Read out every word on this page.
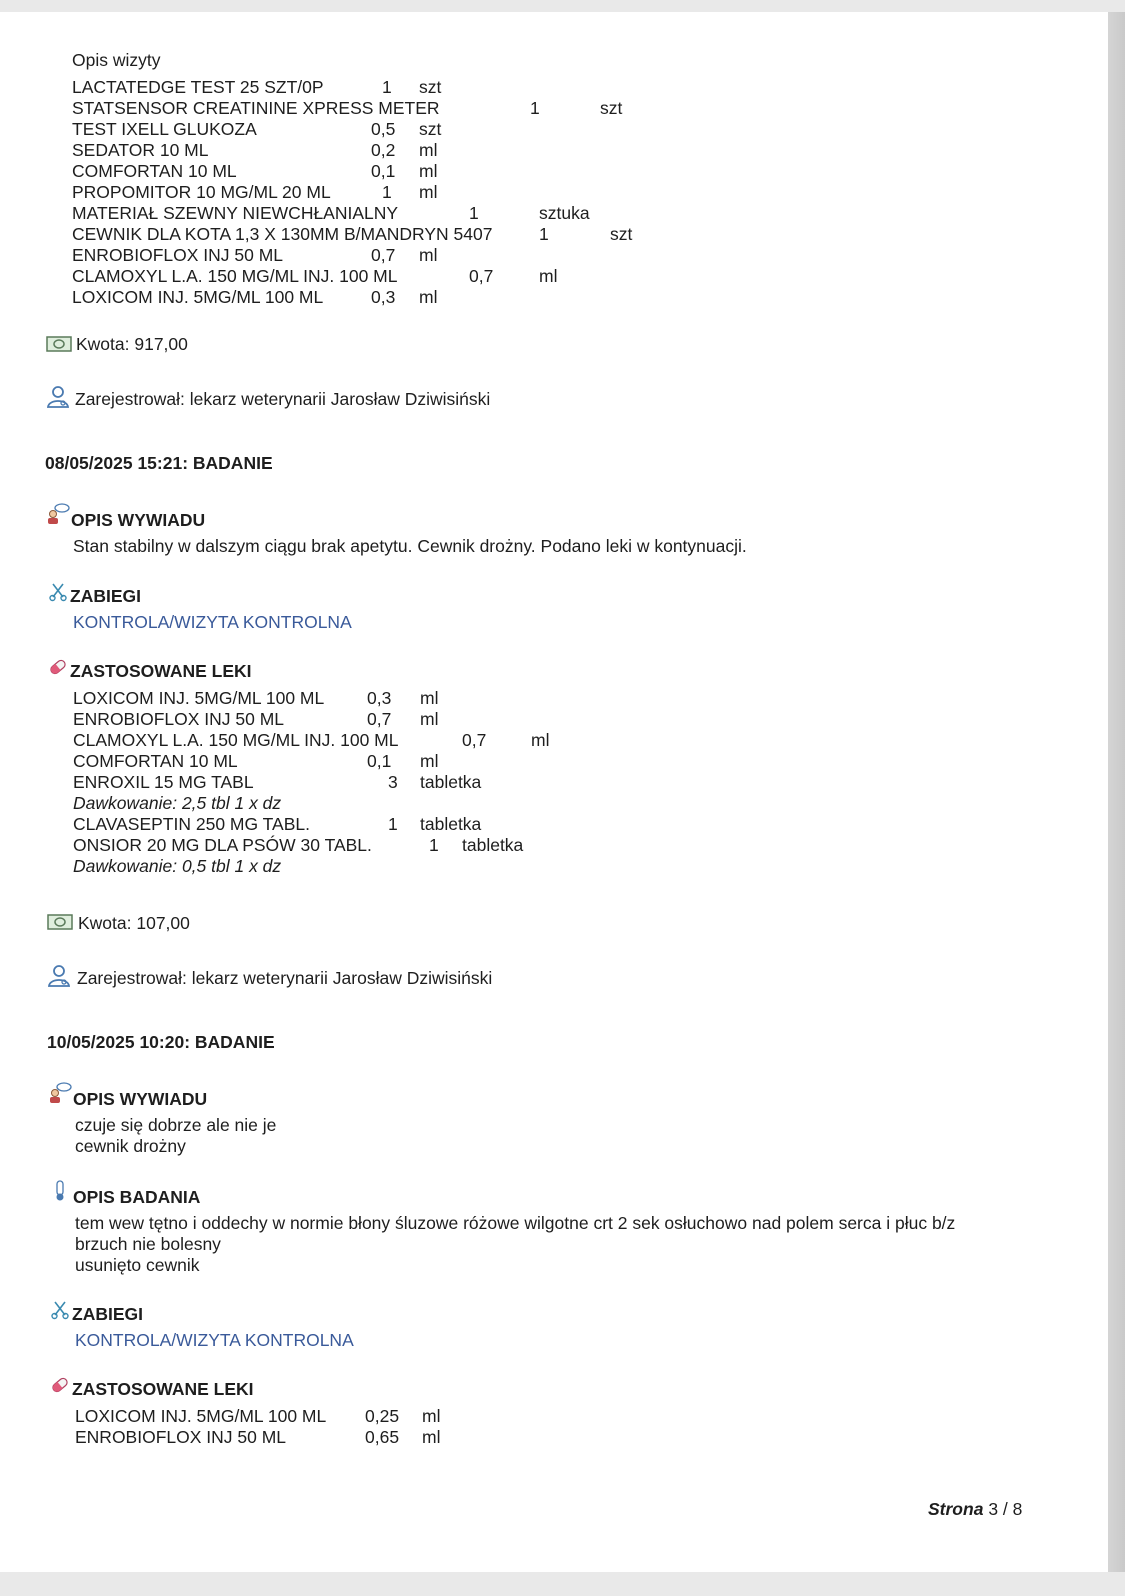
Opis wizyty
LACTATEDGE TEST 25 SZT/0P	1 szt
STATSENSOR CREATININE XPRESS METER	1	szt
TEST IXELL GLUKOZA	0,5 szt
SEDATOR 10 ML	0,2 ml
COMFORTAN 10 ML	0,1 ml
PROPOMITOR 10 MG/ML 20 ML	1 ml
MATERIAŁ SZEWNY NIEWCHŁANIALNY	1	sztuka
CEWNIK DLA KOTA 1,3 X 130MM B/MANDRYN 5407	1	szt
ENROBIOFLOX INJ 50 ML	0,7 ml
CLAMOXYL L.A. 150 MG/ML INJ. 100 ML	0,7	ml
LOXICOM INJ. 5MG/ML 100 ML	0,3 ml
Kwota: 917,00
Zarejestrował: lekarz weterynarii Jarosław Dziwisiński
08/05/2025 15:21: BADANIE
OPIS WYWIADU
Stan stabilny w dalszym ciągu brak apetytu. Cewnik drożny. Podano leki w kontynuacji.
ZABIEGI
KONTROLA/WIZYTA KONTROLNA
ZASTOSOWANE LEKI
LOXICOM INJ. 5MG/ML 100 ML 0,3 ml
ENROBIOFLOX INJ 50 ML	0,7 ml
CLAMOXYL L.A. 150 MG/ML INJ. 100 ML	0,7	ml
COMFORTAN 10 ML	0,1 ml
ENROXIL 15 MG TABL	3 tabletka
Dawkowanie: 2,5 tbl 1 x dz
CLAVASEPTIN 250 MG TABL.	1 tabletka
ONSIOR 20 MG DLA PSÓW 30 TABL.	1 tabletka
Dawkowanie: 0,5 tbl 1 x dz
Kwota: 107,00
Zarejestrował: lekarz weterynarii Jarosław Dziwisiński
10/05/2025 10:20: BADANIE
OPIS WYWIADU
czuje się dobrze ale nie je
cewnik drożny
OPIS BADANIA
tem wew tętno i oddechy w normie błony śluzowe różowe wilgotne crt 2 sek osłuchowo nad polem serca i płuc b/z
brzuch nie bolesny
usunięto cewnik
ZABIEGI
KONTROLA/WIZYTA KONTROLNA
ZASTOSOWANE LEKI
LOXICOM INJ. 5MG/ML 100 ML 0,25 ml
ENROBIOFLOX INJ 50 ML	0,65 ml
Strona 3 / 8
